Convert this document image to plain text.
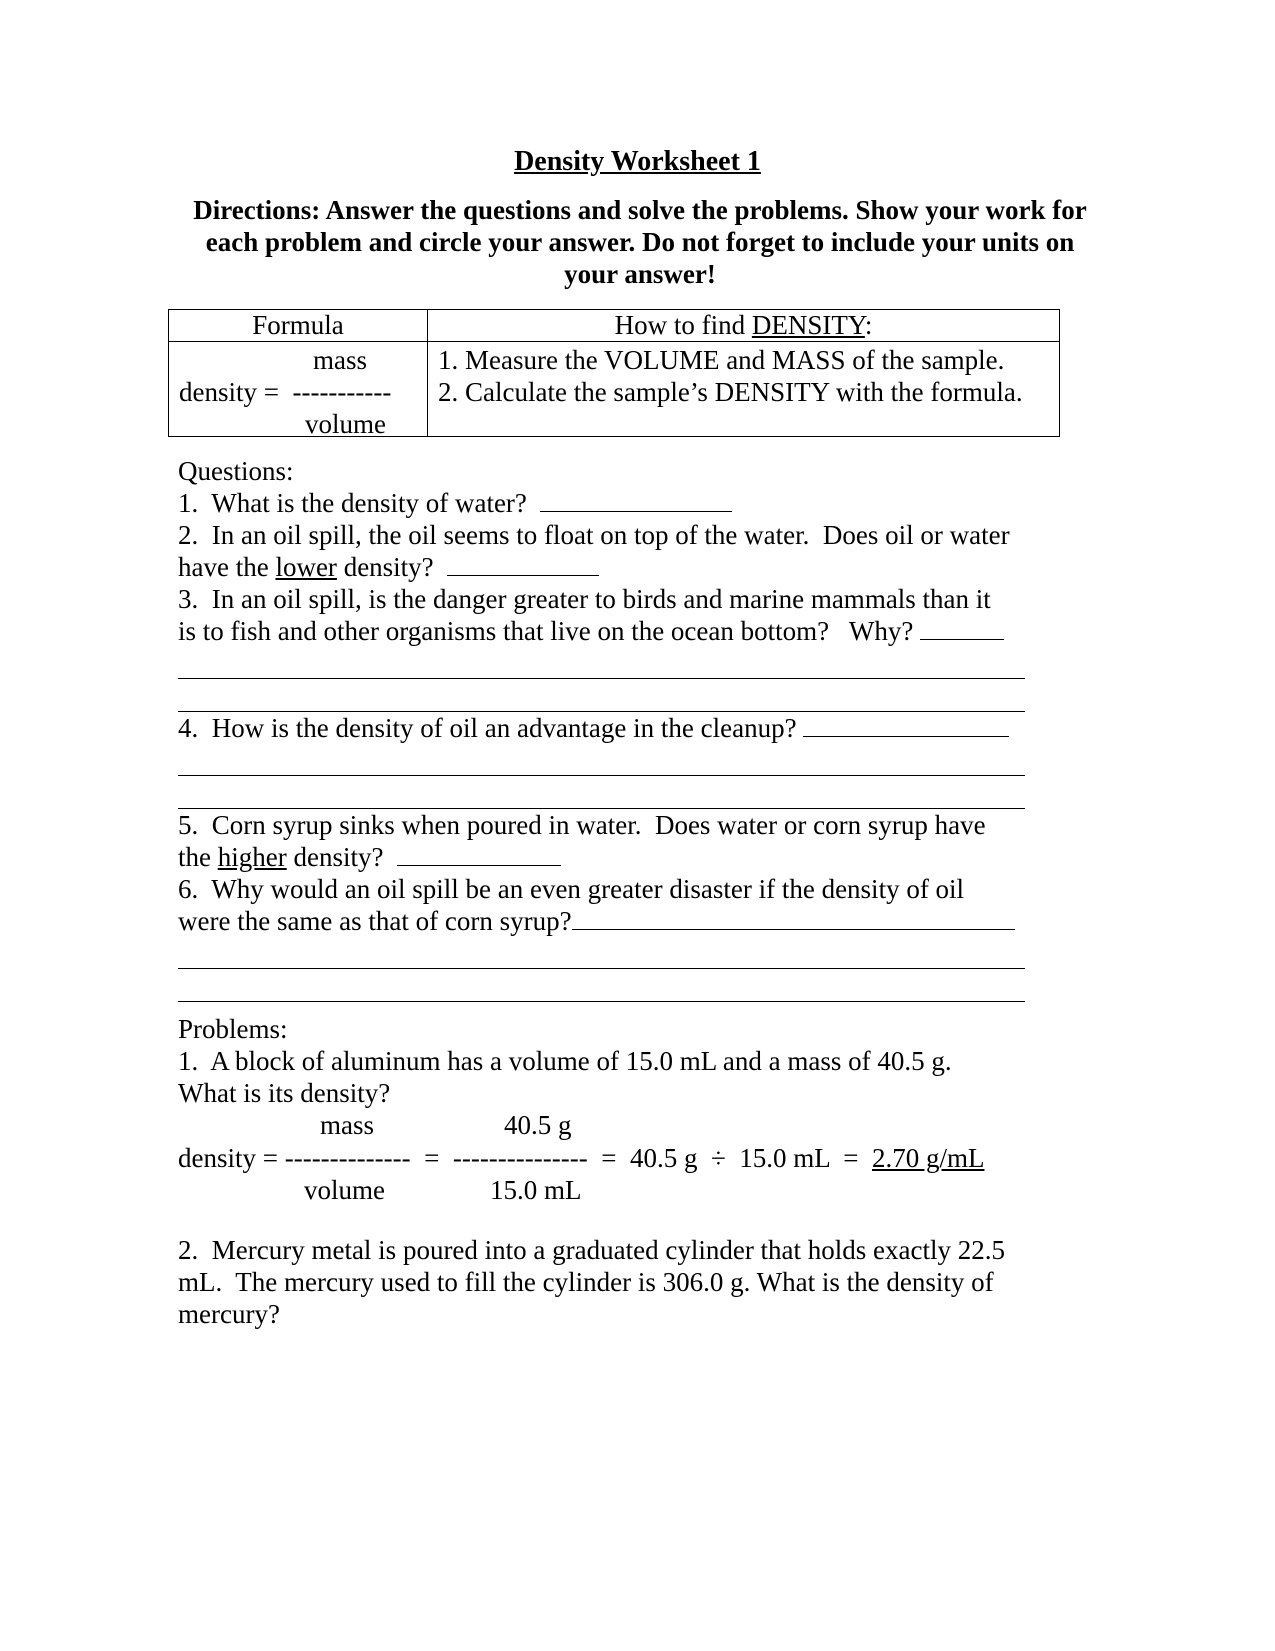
Density Worksheet 1
Directions: Answer the questions and solve the problems. Show your work for each problem and circle your answer. Do not forget to include your units on your answer!
Formula	How to find DENSITY:

mass
density =  -----------
volume

1. Measure the VOLUME and MASS of the sample.
2. Calculate the sample’s DENSITY with the formula.
Questions:
1.  What is the density of water?
2.  In an oil spill, the oil seems to float on top of the water.  Does oil or water
have the lower density?
3.  In an oil spill, is the danger greater to birds and marine mammals than it
is to fish and other organisms that live on the ocean bottom?   Why?
4.  How is the density of oil an advantage in the cleanup?
5.  Corn syrup sinks when poured in water.  Does water or corn syrup have
the higher density?
6.  Why would an oil spill be an even greater disaster if the density of oil
were the same as that of corn syrup?
Problems:
1.  A block of aluminum has a volume of 15.0 mL and a mass of 40.5 g.
What is its density?
mass	40.5 g
density = -------------- = --------------- =  40.5 g  ÷  15.0 mL  =  2.70 g/mL
volume	15.0 mL
2.  Mercury metal is poured into a graduated cylinder that holds exactly 22.5
mL.  The mercury used to fill the cylinder is 306.0 g. What is the density of
mercury?
